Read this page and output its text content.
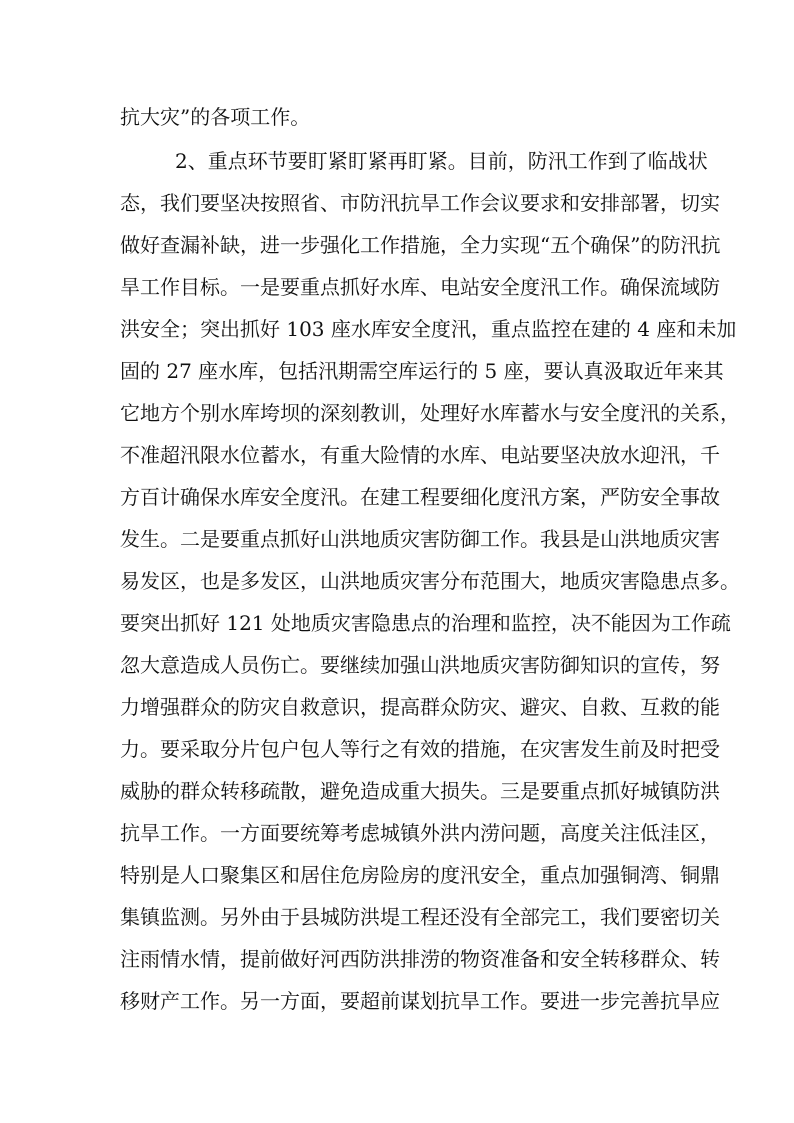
抗大灾”的各项工作。
2、重点环节要盯紧盯紧再盯紧。目前，防汛工作到了临战状
态，我们要坚决按照省、市防汛抗旱工作会议要求和安排部署，切实
做好查漏补缺，进一步强化工作措施，全力实现“五个确保”的防汛抗
旱工作目标。一是要重点抓好水库、电站安全度汛工作。确保流域防
洪安全；突出抓好 103 座水库安全度汛，重点监控在建的 4 座和未加
固的 27 座水库，包括汛期需空库运行的 5 座，要认真汲取近年来其
它地方个别水库垮坝的深刻教训，处理好水库蓄水与安全度汛的关系，
不准超汛限水位蓄水，有重大险情的水库、电站要坚决放水迎汛，千
方百计确保水库安全度汛。在建工程要细化度汛方案，严防安全事故
发生。二是要重点抓好山洪地质灾害防御工作。我县是山洪地质灾害
易发区，也是多发区，山洪地质灾害分布范围大，地质灾害隐患点多。
要突出抓好 121 处地质灾害隐患点的治理和监控，决不能因为工作疏
忽大意造成人员伤亡。要继续加强山洪地质灾害防御知识的宣传，努
力增强群众的防灾自救意识，提高群众防灾、避灾、自救、互救的能
力。要采取分片包户包人等行之有效的措施，在灾害发生前及时把受
威胁的群众转移疏散，避免造成重大损失。三是要重点抓好城镇防洪
抗旱工作。一方面要统筹考虑城镇外洪内涝问题，高度关注低洼区，
特别是人口聚集区和居住危房险房的度汛安全，重点加强铜湾、铜鼎
集镇监测。另外由于县城防洪堤工程还没有全部完工，我们要密切关
注雨情水情，提前做好河西防洪排涝的物资准备和安全转移群众、转
移财产工作。另一方面，要超前谋划抗旱工作。要进一步完善抗旱应
